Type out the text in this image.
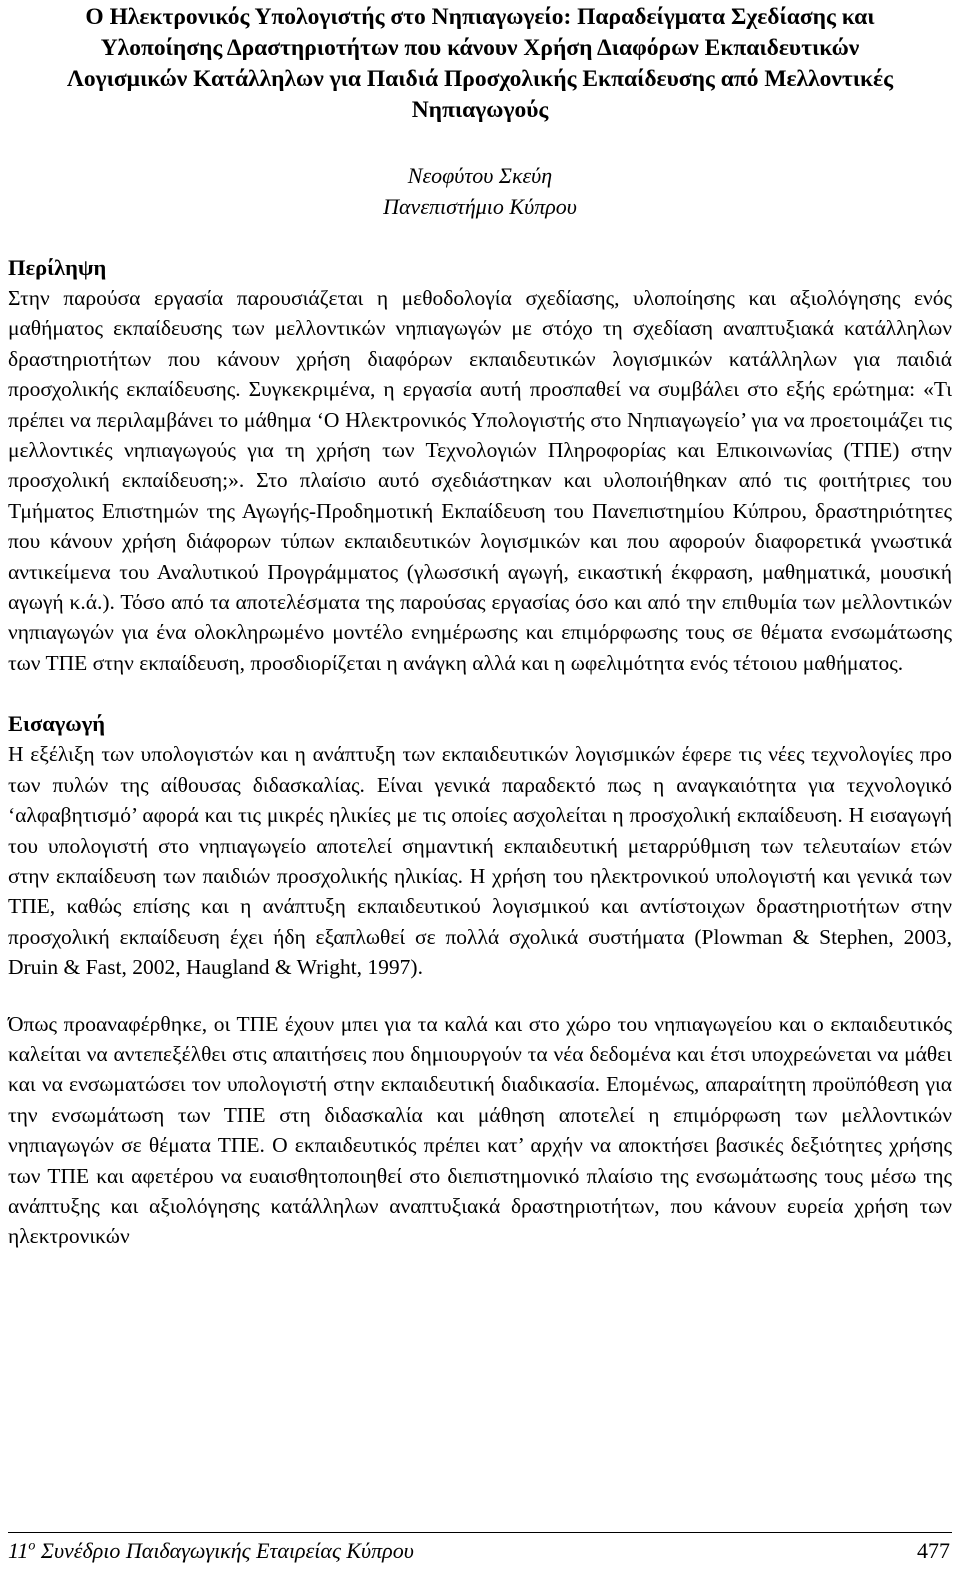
Ο Ηλεκτρονικός Υπολογιστής στο Νηπιαγωγείο: Παραδείγματα Σχεδίασης και
Υλοποίησης Δραστηριοτήτων που κάνουν Χρήση Διαφόρων Εκπαιδευτικών
Λογισμικών Κατάλληλων για Παιδιά Προσχολικής Εκπαίδευσης από Μελλοντικές
Νηπιαγωγούς

Νεοφύτου Σκεύη
Πανεπιστήμιο Κύπρου

Περίληψη

Στην παρούσα εργασία παρουσιάζεται η μεθοδολογία σχεδίασης, υλοποίησης και αξιολόγησης ενός μαθήματος εκπαίδευσης των μελλοντικών νηπιαγωγών με στόχο τη σχεδίαση αναπτυξιακά κατάλληλων δραστηριοτήτων που κάνουν χρήση διαφόρων εκπαιδευτικών λογισμικών κατάλληλων για παιδιά προσχολικής εκπαίδευσης. Συγκεκριμένα, η εργασία αυτή προσπαθεί να συμβάλει στο εξής ερώτημα: «Τι πρέπει να περιλαμβάνει το μάθημα ‘Ο Ηλεκτρονικός Υπολογιστής στο Νηπιαγωγείο’ για να προετοιμάζει τις μελλοντικές νηπιαγωγούς για τη χρήση των Τεχνολογιών Πληροφορίας και Επικοινωνίας (ΤΠΕ) στην προσχολική εκπαίδευση;». Στο πλαίσιο αυτό σχεδιάστηκαν και υλοποιήθηκαν από τις φοιτήτριες του Τμήματος Επιστημών της Αγωγής-Προδημοτική Εκπαίδευση του Πανεπιστημίου Κύπρου, δραστηριότητες που κάνουν χρήση διάφορων τύπων εκπαιδευτικών λογισμικών και που αφορούν διαφορετικά γνωστικά αντικείμενα του Αναλυτικού Προγράμματος (γλωσσική αγωγή, εικαστική έκφραση, μαθηματικά, μουσική αγωγή κ.ά.). Τόσο από τα αποτελέσματα της παρούσας εργασίας όσο και από την επιθυμία των μελλοντικών νηπιαγωγών για ένα ολοκληρωμένο μοντέλο ενημέρωσης και επιμόρφωσης τους σε θέματα ενσωμάτωσης των ΤΠΕ στην εκπαίδευση, προσδιορίζεται η ανάγκη αλλά και η ωφελιμότητα ενός τέτοιου μαθήματος.

Εισαγωγή

Η εξέλιξη των υπολογιστών και η ανάπτυξη των εκπαιδευτικών λογισμικών έφερε τις νέες τεχνολογίες προ των πυλών της αίθουσας διδασκαλίας. Είναι γενικά παραδεκτό πως η αναγκαιότητα για τεχνολογικό ‘αλφαβητισμό’ αφορά και τις μικρές ηλικίες με τις οποίες ασχολείται η προσχολική εκπαίδευση. Η εισαγωγή του υπολογιστή στο νηπιαγωγείο αποτελεί σημαντική εκπαιδευτική μεταρρύθμιση των τελευταίων ετών στην εκπαίδευση των παιδιών προσχολικής ηλικίας. Η χρήση του ηλεκτρονικού υπολογιστή και γενικά των ΤΠΕ, καθώς επίσης και η ανάπτυξη εκπαιδευτικού λογισμικού και αντίστοιχων δραστηριοτήτων στην προσχολική εκπαίδευση έχει ήδη εξαπλωθεί σε πολλά σχολικά συστήματα (Plowman & Stephen, 2003, Druin & Fast, 2002, Haugland & Wright, 1997).

Όπως προαναφέρθηκε, οι ΤΠΕ έχουν μπει για τα καλά και στο χώρο του νηπιαγωγείου και ο εκπαιδευτικός καλείται να αντεπεξέλθει στις απαιτήσεις που δημιουργούν τα νέα δεδομένα και έτσι υποχρεώνεται να μάθει και να ενσωματώσει τον υπολογιστή στην εκπαιδευτική διαδικασία. Επομένως, απαραίτητη προϋπόθεση για την ενσωμάτωση των ΤΠΕ στη διδασκαλία και μάθηση αποτελεί η επιμόρφωση των μελλοντικών νηπιαγωγών σε θέματα ΤΠΕ. Ο εκπαιδευτικός πρέπει κατ’ αρχήν να αποκτήσει βασικές δεξιότητες χρήσης των ΤΠΕ και αφετέρου να ευαισθητοποιηθεί στο διεπιστημονικό πλαίσιο της ενσωμάτωσης τους μέσω της ανάπτυξης και αξιολόγησης κατάλληλων αναπτυξιακά δραστηριοτήτων, που κάνουν ευρεία χρήση των ηλεκτρονικών

$11^o$ Συνέδριο Παιδαγωγικής Εταιρείας Κύπρου	477
